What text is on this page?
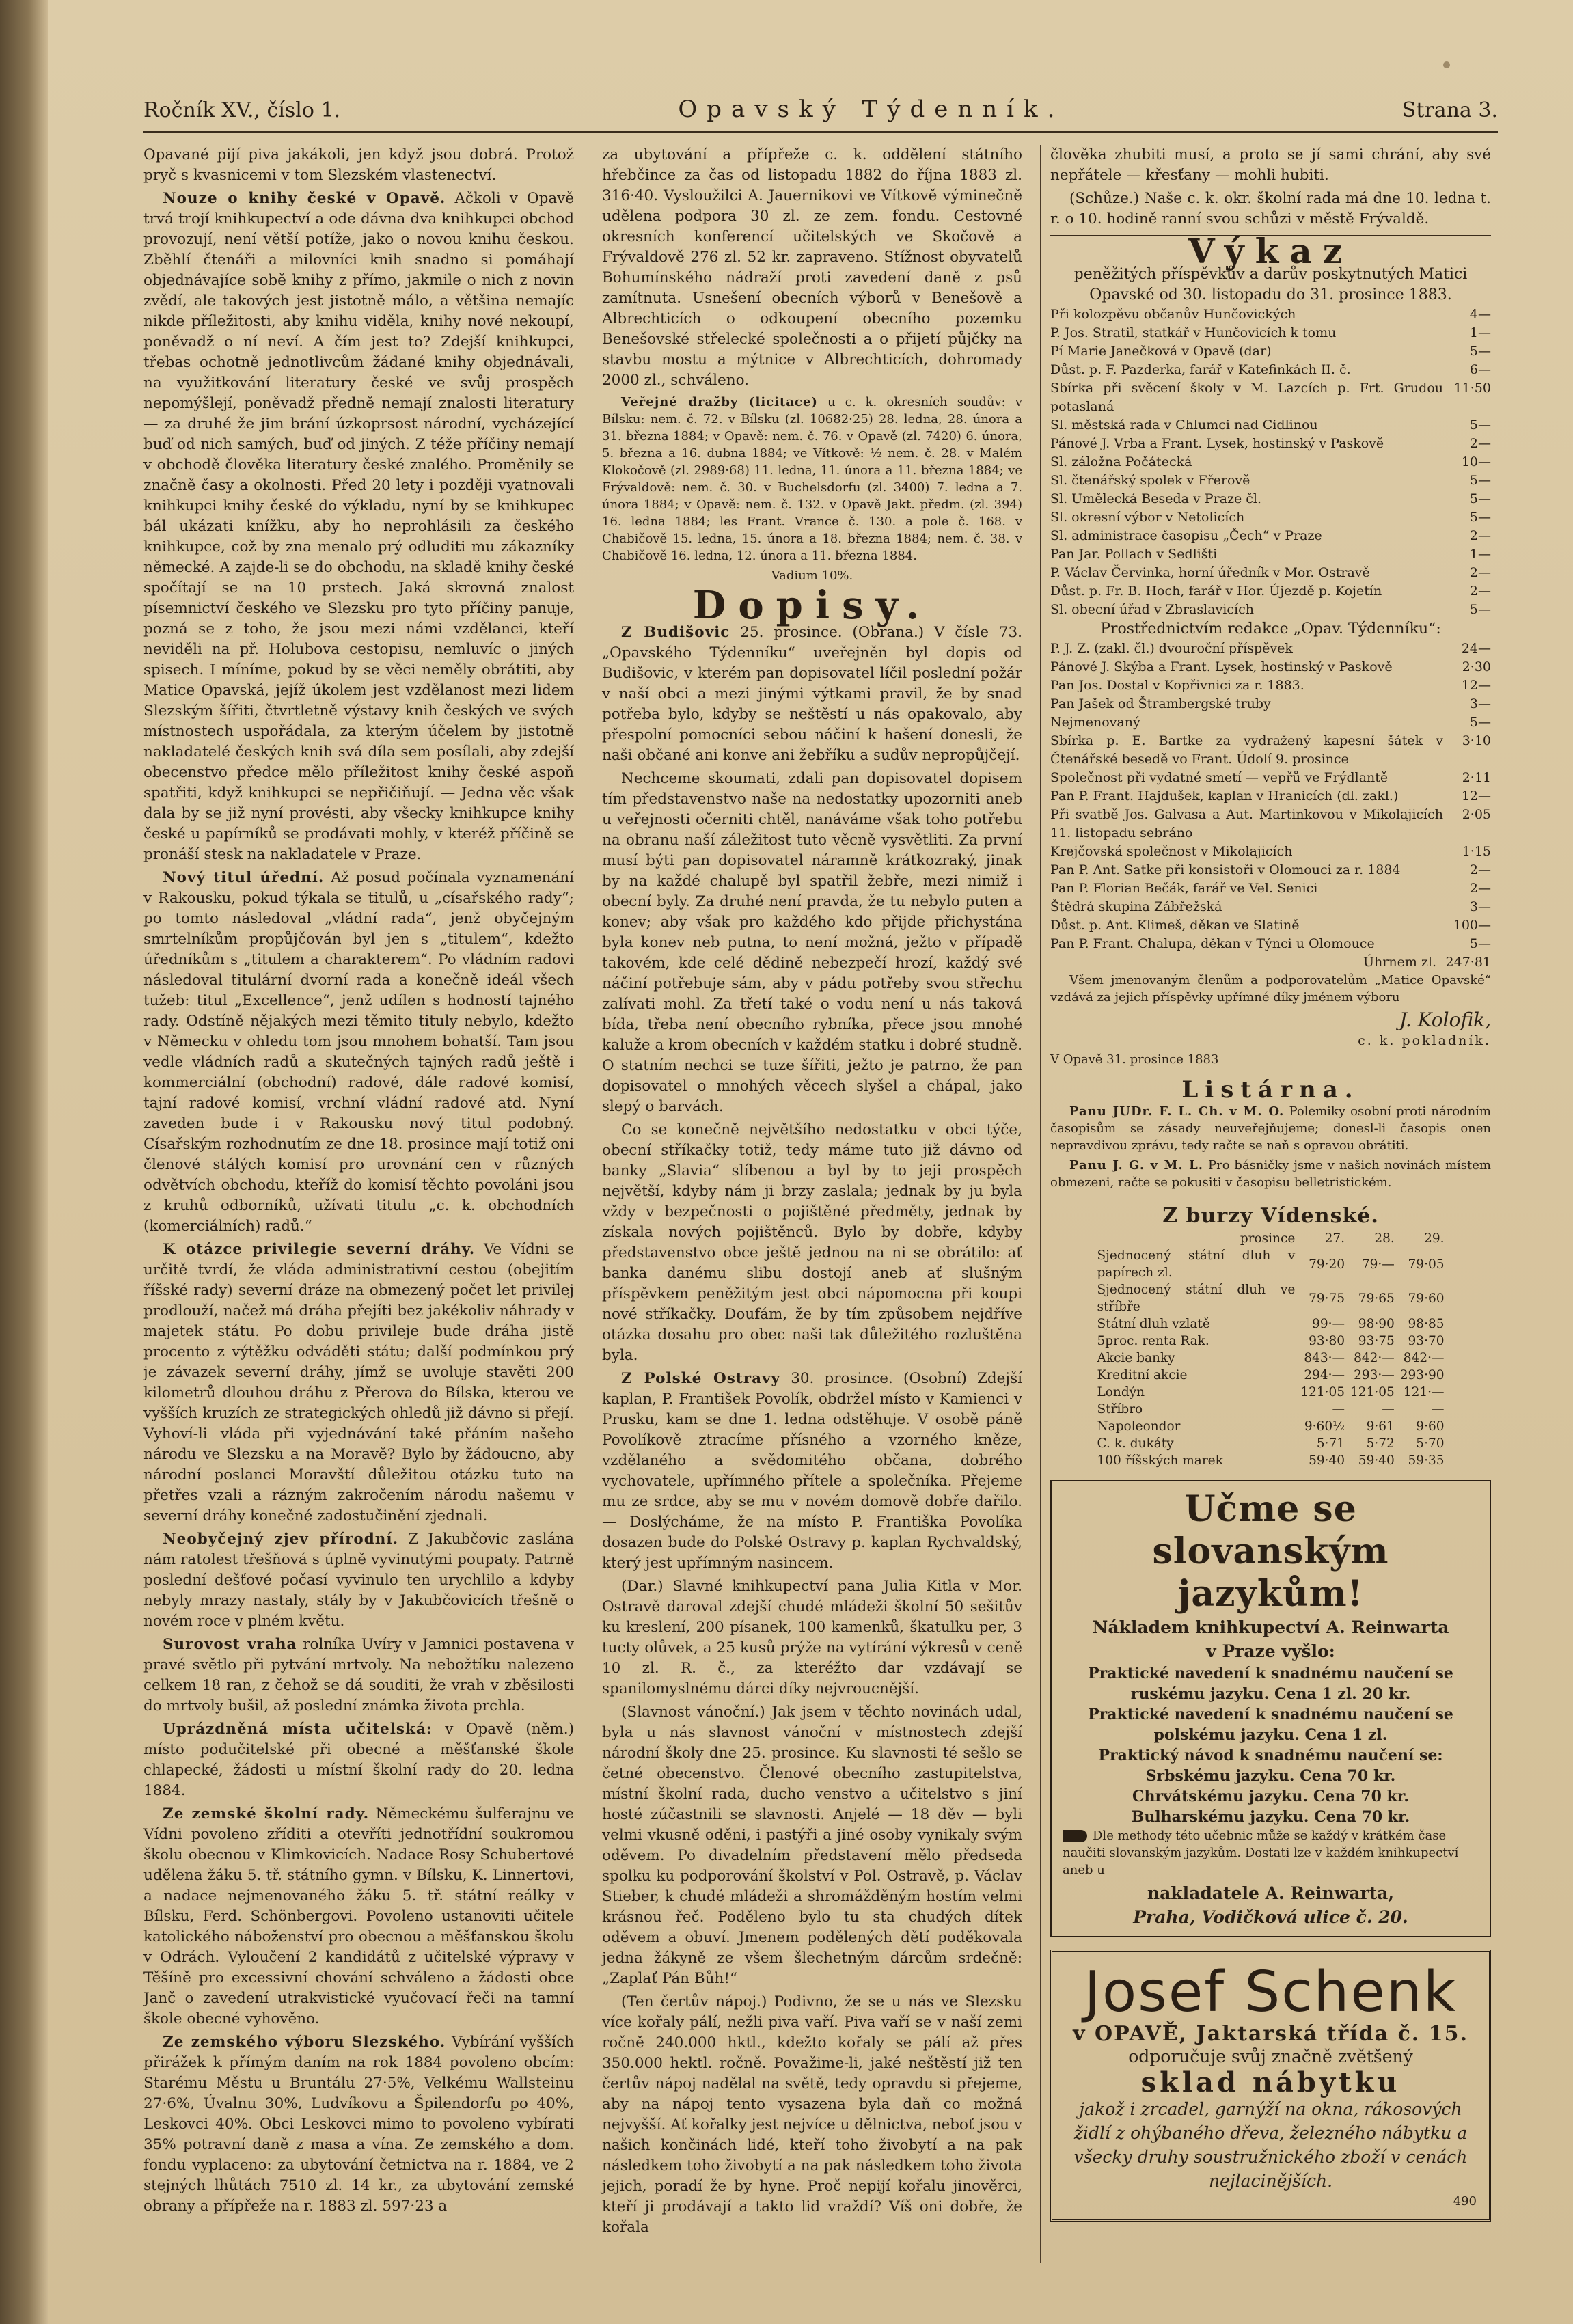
Ročník XV., číslo 1.	Opavský Týdenník.	Strana 3.

Opavané pijí piva jakákoli, jen když jsou dobrá. Protož pryč s kvasnicemi v tom Slezském vlastenectví.

Nouze o knihy české v Opavě. Ačkoli v Opavě trvá trojí knihkupectví a ode dávna dva knihkupci obchod provozují, není větší potíže, jako o novou knihu českou. Zběhlí čtenáři a milovníci knih snadno si pomáhají objednávajíce sobě knihy z přímo, jakmile o nich z novin zvědí, ale takových jest jistotně málo, a většina nemajíc nikde příležitosti, aby knihu viděla, knihy nové nekoupí, poněvadž o ní neví. A čím jest to? Zdejší knihkupci, třebas ochotně jednotlivcům žádané knihy objednávali, na využitkování literatury české ve svůj prospěch nepomýšlejí, poněvadž předně nemají znalosti literatury — za druhé že jim brání úzkoprsost národní, vycházející buď od nich samých, buď od jiných. Z téže příčiny nemají v obchodě člověka literatury české znalého. Proměnily se značně časy a okolnosti. Před 20 lety i později vyatnovali knihkupci knihy české do výkladu, nyní by se knihkupec bál ukázati knížku, aby ho neprohlásili za českého knihkupce, což by zna menalo prý odluditi mu zákazníky německé. A zajde-li se do obchodu, na skladě knihy české spočítají se na 10 prstech. Jaká skrovná znalost písemnictví českého ve Slezsku pro tyto příčiny panuje, pozná se z toho, že jsou mezi námi vzdělanci, kteří neviděli na př. Holubova cestopisu, nemluvíc o jiných spisech. I míníme, pokud by se věci neměly obrátiti, aby Matice Opavská, jejíž úkolem jest vzdělanost mezi lidem Slezským šířiti, čtvrtletně výstavy knih českých ve svých místnostech uspořádala, za kterým účelem by jistotně nakladatelé českých knih svá díla sem posílali, aby zdejší obecenstvo předce mělo příležitost knihy české aspoň spatřiti, když knihkupci se nepřičiňují. — Jedna věc však dala by se již nyní provésti, aby všecky knihkupce knihy české u papírníků se prodávati mohly, v kteréž příčině se pronáší stesk na nakladatele v Praze.

Nový titul úřední. Až posud počínala vyznamenání v Rakousku, pokud týkala se titulů, u „císařského rady“; po tomto následoval „vládní rada“, jenž obyčejným smrtelníkům propůjčován byl jen s „titulem“, kdežto úředníkům s „titulem a charakterem“. Po vládním radovi následoval titulární dvorní rada a konečně ideál všech tužeb: titul „Excellence“, jenž udílen s hodností tajného rady. Odstíně nějakých mezi těmito tituly nebylo, kdežto v Německu v ohledu tom jsou mnohem bohatší. Tam jsou vedle vládních radů a skutečných tajných radů ještě i kommerciální (obchodní) radové, dále radové komisí, tajní radové komisí, vrchní vládní radové atd. Nyní zaveden bude i v Rakousku nový titul podobný. Císařským rozhodnutím ze dne 18. prosince mají totiž oni členové stálých komisí pro urovnání cen v různých odvětvích obchodu, kteříž do komisí těchto povoláni jsou z kruhů odborníků, užívati titulu „c. k. obchodních (komerciálních) radů.“

K otázce privilegie severní dráhy. Ve Vídni se určitě tvrdí, že vláda administrativní cestou (obejitím říšské rady) severní dráze na obmezený počet let privilej prodlouží, načež má dráha přejíti bez jakékoliv náhrady v majetek státu. Po dobu privileje bude dráha jistě procento z výtěžku odváděti státu; další podmínkou prý je závazek severní dráhy, jímž se uvoluje stavěti 200 kilometrů dlouhou dráhu z Přerova do Bílska, kterou ve vyšších kruzích ze strategických ohledů již dávno si přejí. Vyhoví-li vláda při vyjednávání také přáním našeho národu ve Slezsku a na Moravě? Bylo by žádoucno, aby národní poslanci Moravští důležitou otázku tuto na přetřes vzali a rázným zakročením národu našemu v severní dráhy konečné zadostučinění zjednali.

Neobyčejný zjev přírodní. Z Jakubčovic zaslána nám ratolest třešňová s úplně vyvinutými poupaty. Patrně poslední dešťové počasí vyvinulo ten urychlilo a kdyby nebyly mrazy nastaly, stály by v Jakubčovicích třešně o novém roce v plném květu.

Surovost vraha rolníka Uvíry v Jamnici postavena v pravé světlo při pytvání mrtvoly. Na nebožtíku nalezeno celkem 18 ran, z čehož se dá souditi, že vrah v zběsilosti do mrtvoly bušil, až poslední známka života prchla.

Uprázdněná místa učitelská: v Opavě (něm.) místo podučitelské při obecné a měšťanské škole chlapecké, žádosti u místní školní rady do 20. ledna 1884.

Ze zemské školní rady. Německému šulferajnu ve Vídni povoleno zříditi a otevříti jednotřídní soukromou školu obecnou v Klimkovicích. Nadace Rosy Schubertové udělena žáku 5. tř. státního gymn. v Bílsku, K. Linnertovi, a nadace nejmenovaného žáku 5. tř. státní reálky v Bílsku, Ferd. Schönbergovi. Povoleno ustanoviti učitele katolického náboženství pro obecnou a měšťanskou školu v Odrách. Vyloučení 2 kandidátů z učitelské výpravy v Těšíně pro excessivní chování schváleno a žádosti obce Janč o zavedení utrakvistické vyučovací řeči na tamní škole obecné vyhověno.

Ze zemského výboru Slezského. Vybírání vyšších přirážek k přímým daním na rok 1884 povoleno obcím: Starému Městu u Bruntálu 27·5%, Velkému Wallsteinu 27·6%, Úvalnu 30%, Ludvíkovu a Špilendorfu po 40%, Leskovci 40%. Obci Leskovci mimo to povoleno vybírati 35% potravní daně z masa a vína. Ze zemského a dom. fondu vyplaceno: za ubytování četnictva na r. 1884, ve 2 stejných lhůtách 7510 zl. 14 kr., za ubytování zemské obrany a přípřeže na r. 1883 zl. 597·23 a

za ubytování a přípřeže c. k. oddělení státního hřebčince za čas od listopadu 1882 do října 1883 zl. 316·40. Vysloužilci A. Jauernikovi ve Vítkově výminečně udělena podpora 30 zl. ze zem. fondu. Cestovné okresních konferencí učitelských ve Skočově a Frývaldově 276 zl. 52 kr. zapraveno. Stížnost obyvatelů Bohumínského nádraží proti zavedení daně z psů zamítnuta. Usnešení obecních výborů v Benešově a Albrechticích o odkoupení obecního pozemku Benešovské střelecké společnosti a o přijetí půjčky na stavbu mostu a mýtnice v Albrechticích, dohromady 2000 zl., schváleno.

Veřejné dražby (licitace) u c. k. okresních soudův: v Bílsku: nem. č. 72. v Bílsku (zl. 10682·25) 28. ledna, 28. února a 31. března 1884; v Opavě: nem. č. 76. v Opavě (zl. 7420) 6. února, 5. března a 16. dubna 1884; ve Vítkově: ½ nem. č. 28. v Malém Klokočově (zl. 2989·68) 11. ledna, 11. února a 11. března 1884; ve Frývaldově: nem. č. 30. v Buchelsdorfu (zl. 3400) 7. ledna a 7. února 1884; v Opavě: nem. č. 132. v Opavě Jakt. předm. (zl. 394) 16. ledna 1884; les Frant. Vrance č. 130. a pole č. 168. v Chabičově 15. ledna, 15. února a 18. března 1884; nem. č. 38. v Chabičově 16. ledna, 12. února a 11. března 1884.

Vadium 10%.

Dopisy.

Z Budišovic 25. prosince. (Obrana.) V čísle 73. „Opavského Týdenníku“ uveřejněn byl dopis od Budišovic, v kterém pan dopisovatel líčil poslední požár v naší obci a mezi jinými výtkami pravil, že by snad potřeba bylo, kdyby se neštěstí u nás opakovalo, aby přespolní pomocníci sebou náčiní k hašení donesli, že naši občané ani konve ani žebříku a sudův nepropůjčejí.

Nechceme skoumati, zdali pan dopisovatel dopisem tím představenstvo naše na nedostatky upozorniti aneb u veřejnosti očerniti chtěl, nanáváme však toho potřebu na obranu naší záležitost tuto věcně vysvětliti. Za první musí býti pan dopisovatel náramně krátkozraký, jinak by na každé chalupě byl spatřil žebře, mezi nimiž i obecní byly. Za druhé není pravda, že tu nebylo puten a konev; aby však pro každého kdo přijde přichystána byla konev neb putna, to není možná, ježto v případě takovém, kde celé dědině nebezpečí hrozí, každý své náčiní potřebuje sám, aby v pádu potřeby svou střechu zalívati mohl. Za třetí také o vodu není u nás taková bída, třeba není obecního rybníka, přece jsou mnohé kaluže a krom obecních v každém statku i dobré studně. O statním nechci se tuze šířiti, ježto je patrno, že pan dopisovatel o mnohých věcech slyšel a chápal, jako slepý o barvách.

Co se konečně největšího nedostatku v obci týče, obecní stříkačky totiž, tedy máme tuto již dávno od banky „Slavia“ slíbenou a byl by to jeji prospěch největší, kdyby nám ji brzy zaslala; jednak by ju byla vždy v bezpečnosti o pojištěné předměty, jednak by získala nových pojištěnců. Bylo by dobře, kdyby představenstvo obce ještě jednou na ni se obrátilo: ať banka danému slibu dostojí aneb ať slušným příspěvkem peněžitým jest obci nápomocna při koupi nové stříkačky. Doufám, že by tím způsobem nejdříve otázka dosahu pro obec naši tak důležitého rozluštěna byla.

Z Polské Ostravy 30. prosince. (Osobní) Zdejší kaplan, P. František Povolík, obdržel místo v Kamienci v Prusku, kam se dne 1. ledna odstěhuje. V osobě páně Povolíkově ztracíme přísného a vzorného kněze, vzdělaného a svědomitého občana, dobrého vychovatele, upřímného přítele a společníka. Přejeme mu ze srdce, aby se mu v novém domově dobře dařilo. — Doslýcháme, že na místo P. Františka Povolíka dosazen bude do Polské Ostravy p. kaplan Rychvaldský, který jest upřímným nasincem.

(Dar.) Slavné knihkupectví pana Julia Kitla v Mor. Ostravě daroval zdejší chudé mládeži školní 50 sešitův ku kreslení, 200 písanek, 100 kamenků, škatulku per, 3 tucty olůvek, a 25 kusů prýže na vytírání výkresů v ceně 10 zl. R. č., za kteréžto dar vzdávají se spanilomyslnému dárci díky nejvroucnější.

(Slavnost vánoční.) Jak jsem v těchto novinách udal, byla u nás slavnost vánoční v místnostech zdejší národní školy dne 25. prosince. Ku slavnosti té sešlo se četné obecenstvo. Členové obecního zastupitelstva, místní školní rada, ducho venstvo a učitelstvo s jiní hosté zúčastnili se slavnosti. Anjelé — 18 děv — byli velmi vkusně oděni, i pastýři a jiné osoby vynikaly svým oděvem. Po divadelním představení mělo předseda spolku ku podporování školství v Pol. Ostravě, p. Václav Stieber, k chudé mládeži a shromážděným hostím velmi krásnou řeč. Poděleno bylo tu sta chudých dítek oděvem a obuví. Jmenem podělených dětí poděkovala jedna žákyně ze všem šlechetným dárcům srdečně: „Zaplať Pán Bůh!“

(Ten čertův nápoj.) Podivno, že se u nás ve Slezsku více kořaly pálí, nežli piva vaří. Piva vaří se v naší zemi ročně 240.000 hktl., kdežto kořaly se pálí až přes 350.000 hektl. ročně. Považime-li, jaké neštěstí již ten čertův nápoj nadělal na světě, tedy opravdu si přejeme, aby na nápoj tento vysazena byla daň co možná nejvyšší. Ať kořalky jest nejvíce u dělnictva, neboť jsou v našich končinách lidé, kteří toho živobytí a na pak následkem toho živobytí a na pak následkem toho života jejich, poradí že by hyne. Proč nepijí kořalu jinověrci, kteří ji prodávají a takto lid vraždí? Víš oni dobře, že kořala

člověka zhubiti musí, a proto se jí sami chrání, aby své nepřátele — křesťany — mohli hubiti.

(Schůze.) Naše c. k. okr. školní rada má dne 10. ledna t. r. o 10. hodině ranní svou schůzi v městě Frývaldě.

Výkaz
peněžitých příspěvkův a darův poskytnutých Matici
Opavské od 30. listopadu do 31. prosince 1883.
Při kolozpěvu občanův Hunčovických	4—
P. Jos. Stratil, statkář v Hunčovicích k tomu	1—
Pí Marie Janečková v Opavě (dar)	5—
Důst. p. F. Pazderka, farář v Katefinkách II. č.	6—
Sbírka při svěcení školy v M. Lazcích p. Frt. Grudou potaslaná	11·50
Sl. městská rada v Chlumci nad Cidlinou	5—
Pánové J. Vrba a Frant. Lysek, hostinský v Paskově	2—
Sl. záložna Počátecká	10—
Sl. čtenářský spolek v Fřerově	5—
Sl. Umělecká Beseda v Praze čl.	5—
Sl. okresní výbor v Netolicích	5—
Sl. administrace časopisu „Čech“ v Praze	2—
Pan Jar. Pollach v Sedlišti	1—
P. Václav Červinka, horní úředník v Mor. Ostravě	2—
Důst. p. Fr. B. Hoch, farář v Hor. Újezdě p. Kojetín	2—
Sl. obecní úřad v Zbraslavicích	5—
Prostřednictvím redakce „Opav. Týdenníku“:
P. J. Z. (zakl. čl.) dvouroční příspěvek	24—
Pánové J. Skýba a Frant. Lysek, hostinský v Paskově	2·30
Pan Jos. Dostal v Kopřivnici za r. 1883.	12—
Pan Jašek od Štrambergské truby	3—
Nejmenovaný	5—
Sbírka p. E. Bartke za vydražený kapesní šátek v Čtenářské besedě vo Frant. Údolí 9. prosince	3·10
Společnost při vydatné smetí — vepřů ve Frýdlantě	2·11
Pan P. Frant. Hajdušek, kaplan v Hranicích (dl. zakl.)	12—
Při svatbě Jos. Galvasa a Aut. Martinkovou v Mikolajicích 11. listopadu sebráno	2·05
Krejčovská společnost v Mikolajicích	1·15
Pan P. Ant. Satke při konsistoři v Olomouci za r. 1884	2—
Pan P. Florian Bečák, farář ve Vel. Senici	2—
Štědrá skupina Zábřežská	3—
Důst. p. Ant. Klimeš, děkan ve Slatině	100—
Pan P. Frant. Chalupa, děkan v Týnci u Olomouce	5—
Úhrnem zl.	247·81

Všem jmenovaným členům a podporovatelům „Matice Opavské“ vzdává za jejich příspěvky upřímné díky jménem výboru

J. Kolofik,
c. k. pokladník.

V Opavě 31. prosince 1883

Listárna.

Panu JUDr. F. L. Ch. v M. O. Polemiky osobní proti národním časopisům se zásady neuveřejňujeme; donesl-li časopis onen nepravdivou zprávu, tedy račte se naň s opravou obrátiti.

Panu J. G. v M. L. Pro básničky jsme v našich novinách místem obmezeni, račte se pokusiti v časopisu belletristickém.

Z burzy Vídenské.
prosince	27.	28.	29.
Sjednocený státní dluh v papírech zl.	79·20	79·—	79·05
Sjednocený státní dluh ve stříbře	79·75	79·65	79·60
Státní dluh vzlatě	99·—	98·90	98·85
5proc. renta Rak.	93·80	93·75	93·70
Akcie banky	843·—	842·—	842·—
Kreditní akcie	294·—	293·—	293·90
Londýn	121·05	121·05	121·—
Stříbro	—	—	—
Napoleondor	9·60½	9·61	9·60
C. k. dukáty	5·71	5·72	5·70
100 říšských marek	59·40	59·40	59·35
Učme se slovanským jazykům!
Nákladem knihkupectví A. Reinwarta
v Praze vyšlo:
Praktické navedení k snadnému naučení se ruskému jazyku. Cena 1 zl. 20 kr.
Praktické navedení k snadnému naučení se polskému jazyku. Cena 1 zl.
Praktický návod k snadnému naučení se:
Srbskému jazyku. Cena 70 kr.
Chrvátskému jazyku. Cena 70 kr.
Bulharskému jazyku. Cena 70 kr.

Dle methody této učebnic může se každý v krátkém čase naučiti slovanským jazykům. Dostati lze v každém knihkupectví aneb u

nakladatele A. Reinwarta,
Praha, Vodičková ulice č. 20.
Josef Schenk
v OPAVĚ, Jaktarská třída č. 15.
odporučuje svůj značně zvětšený
sklad nábytku
jakož i zrcadel, garnýží na okna, rákosových židlí z ohýbaného dřeva, železného nábytku a všecky druhy soustružnického zboží v cenách nejlacinějších.
490
